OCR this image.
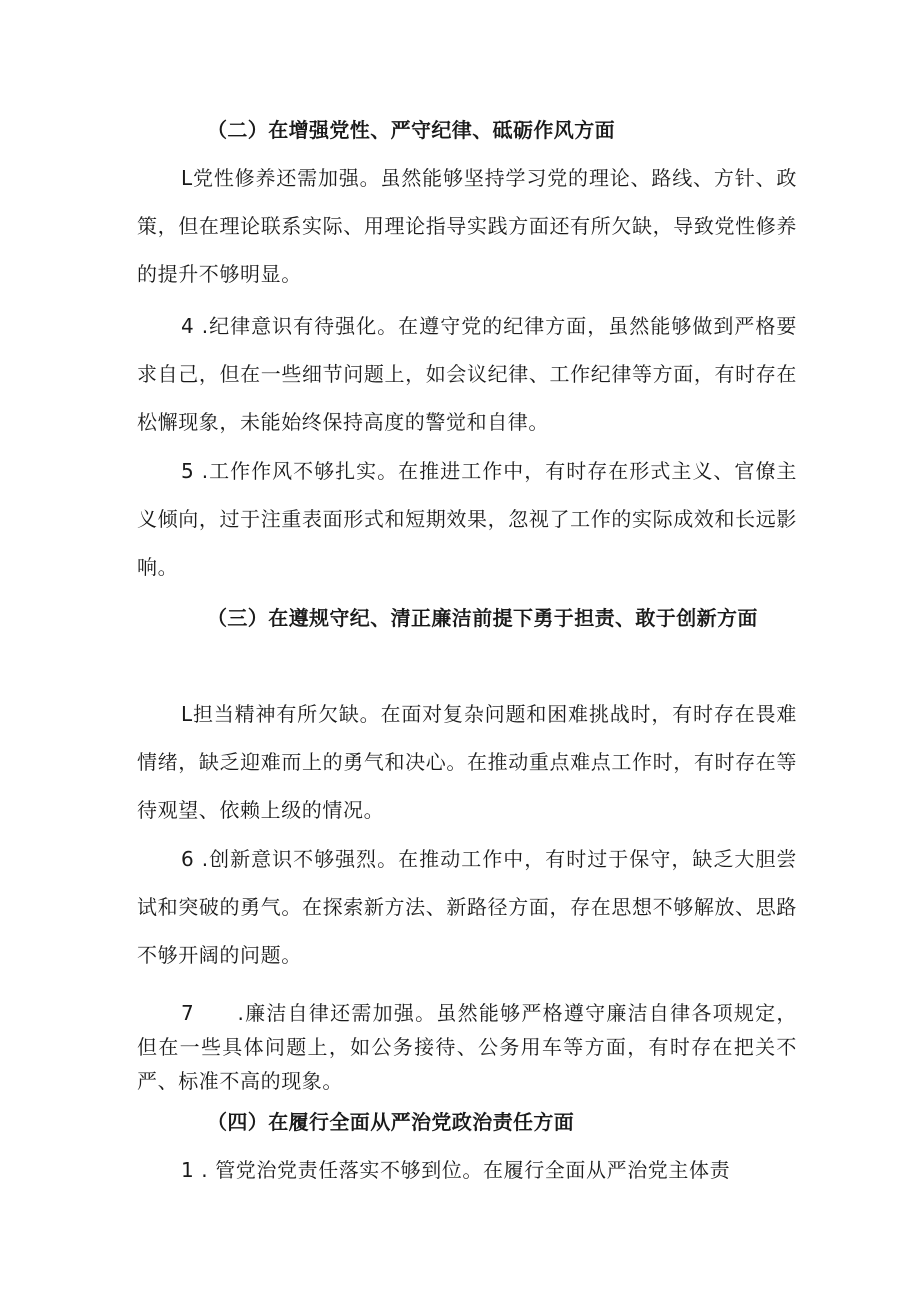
（二）在增强党性、严守纪律、砥砺作风方面
L党性修养还需加强。虽然能够坚持学习党的理论、路线、方针、政策，但在理论联系实际、用理论指导实践方面还有所欠缺，导致党性修养的提升不够明显。
4 .纪律意识有待强化。在遵守党的纪律方面，虽然能够做到严格要求自己，但在一些细节问题上，如会议纪律、工作纪律等方面，有时存在松懈现象，未能始终保持高度的警觉和自律。
5 .工作作风不够扎实。在推进工作中，有时存在形式主义、官僚主义倾向，过于注重表面形式和短期效果，忽视了工作的实际成效和长远影响。
（三）在遵规守纪、清正廉洁前提下勇于担责、敢于创新方面
L担当精神有所欠缺。在面对复杂问题和困难挑战时，有时存在畏难情绪，缺乏迎难而上的勇气和决心。在推动重点难点工作时，有时存在等待观望、依赖上级的情况。
6 .创新意识不够强烈。在推动工作中，有时过于保守，缺乏大胆尝试和突破的勇气。在探索新方法、新路径方面，存在思想不够解放、思路不够开阔的问题。
7　　.廉洁自律还需加强。虽然能够严格遵守廉洁自律各项规定，但在一些具体问题上，如公务接待、公务用车等方面，有时存在把关不严、标准不高的现象。
（四）在履行全面从严治党政治责任方面
1 . 管党治党责任落实不够到位。在履行全面从严治党主体责
